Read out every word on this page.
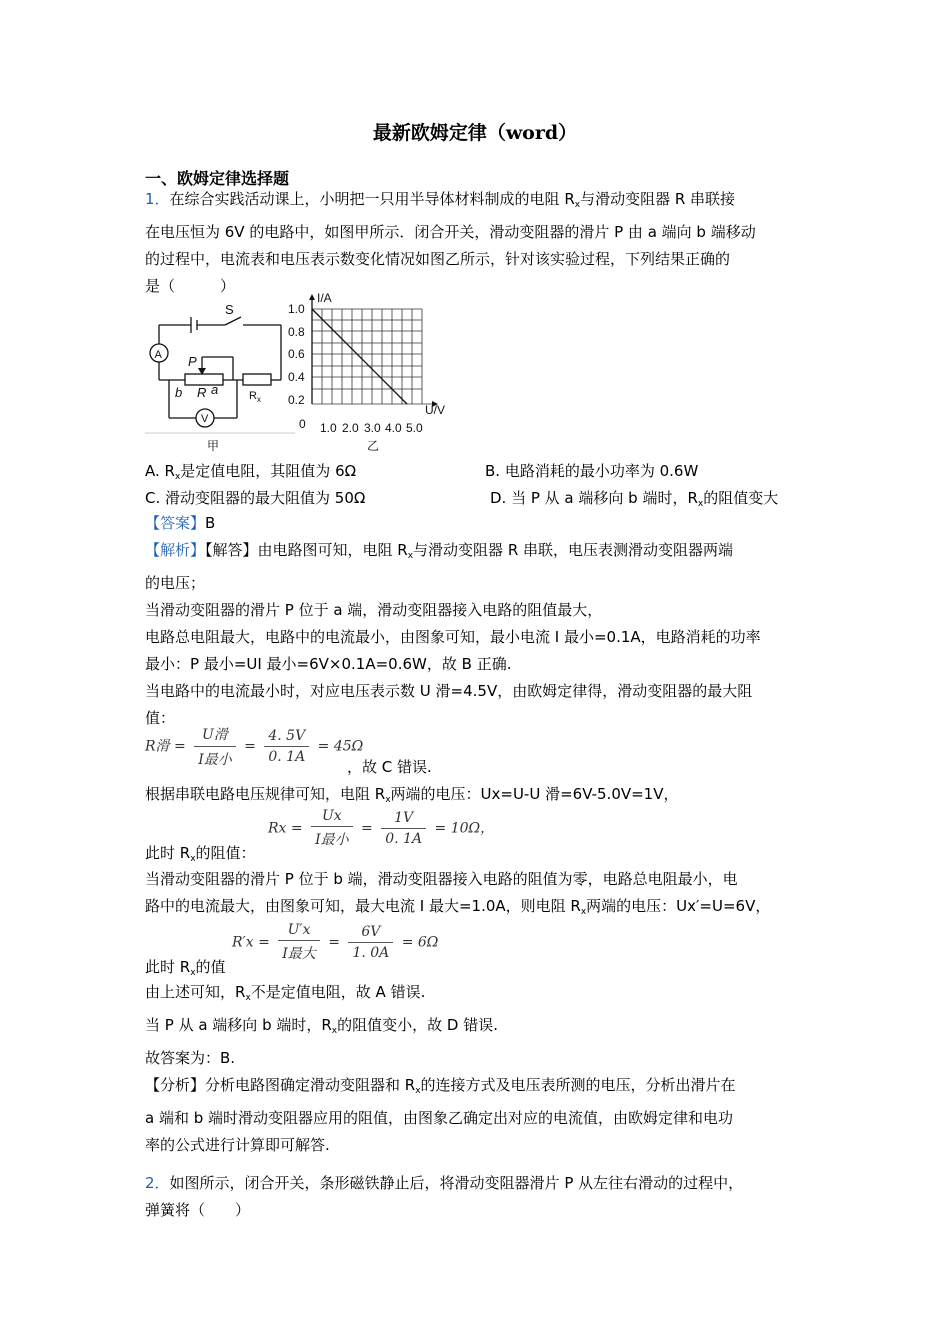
最新欧姆定律（word）
一、欧姆定律选择题
1．在综合实践活动课上，小明把一只用半导体材料制成的电阻 $R_x$与滑动变阻器 R 串联接
在电压恒为 6V 的电路中，如图甲所示．闭合开关，滑动变阻器的滑片 P 由 a 端向 b 端移动
的过程中，电流表和电压表示数变化情况如图乙所示，针对该实验过程，下列结果正确的
是（　　　）
S
A P
b R a	$R_x$
V
甲
I/A
U/V
1.0
0.8
0.6
0.4
0.2
0 1.0 2.0 3.0 4.0 5.0
乙
A. $R_x$是定值电阻，其阻值为 6Ω	B. 电路消耗的最小功率为 0.6W
C. 滑动变阻器的最大阻值为 50Ω	D. 当 P 从 a 端移向 b 端时，$R_x$的阻值变大
【答案】B
【解析】【解答】由电路图可知，电阻 $R_x$与滑动变阻器 R 串联，电压表测滑动变阻器两端
的电压；
当滑动变阻器的滑片 P 位于 a 端，滑动变阻器接入电路的阻值最大，
电路总电阻最大，电路中的电流最小，由图象可知，最小电流 I 最小=0.1A，电路消耗的功率
最小：P 最小=UI 最小=6V×0.1A=0.6W，故 B 正确.
当电路中的电流最小时，对应电压表示数 U 滑=4.5V，由欧姆定律得，滑动变阻器的最大阻
值：
R滑 = $\frac{\text{U滑}}{\text{I最小}} = \frac{4. 5V}{0. 1A} = 45\Omega$
，故 C 错误.
根据串联电路电压规律可知，电阻 $R_x$两端的电压：Ux=U-U 滑=6V-5.0V=1V，
$Rx = \frac{Ux}{\text{I最小}} = \frac{1V}{0. 1A} = 10\Omega$，
此时 $R_x$的阻值：
当滑动变阻器的滑片 P 位于 b 端，滑动变阻器接入电路的阻值为零，电路总电阻最小，电
路中的电流最大，由图象可知，最大电流 I 最大=1.0A，则电阻 $R_x$两端的电压：Ux′=U=6V，
$R'x = \frac{U'x}{\text{I最大}} = \frac{6V}{1. 0A} = 6\Omega$
此时 $R_x$的值
由上述可知，$R_x$不是定值电阻，故 A 错误.
当 P 从 a 端移向 b 端时，$R_x$的阻值变小，故 D 错误.
故答案为：B.
【分析】分析电路图确定滑动变阻器和 $R_x$的连接方式及电压表所测的电压，分析出滑片在
a 端和 b 端时滑动变阻器应用的阻值，由图象乙确定出对应的电流值，由欧姆定律和电功
率的公式进行计算即可解答.
2．如图所示，闭合开关，条形磁铁静止后，将滑动变阻器滑片 P 从左往右滑动的过程中，
弹簧将（　　）
